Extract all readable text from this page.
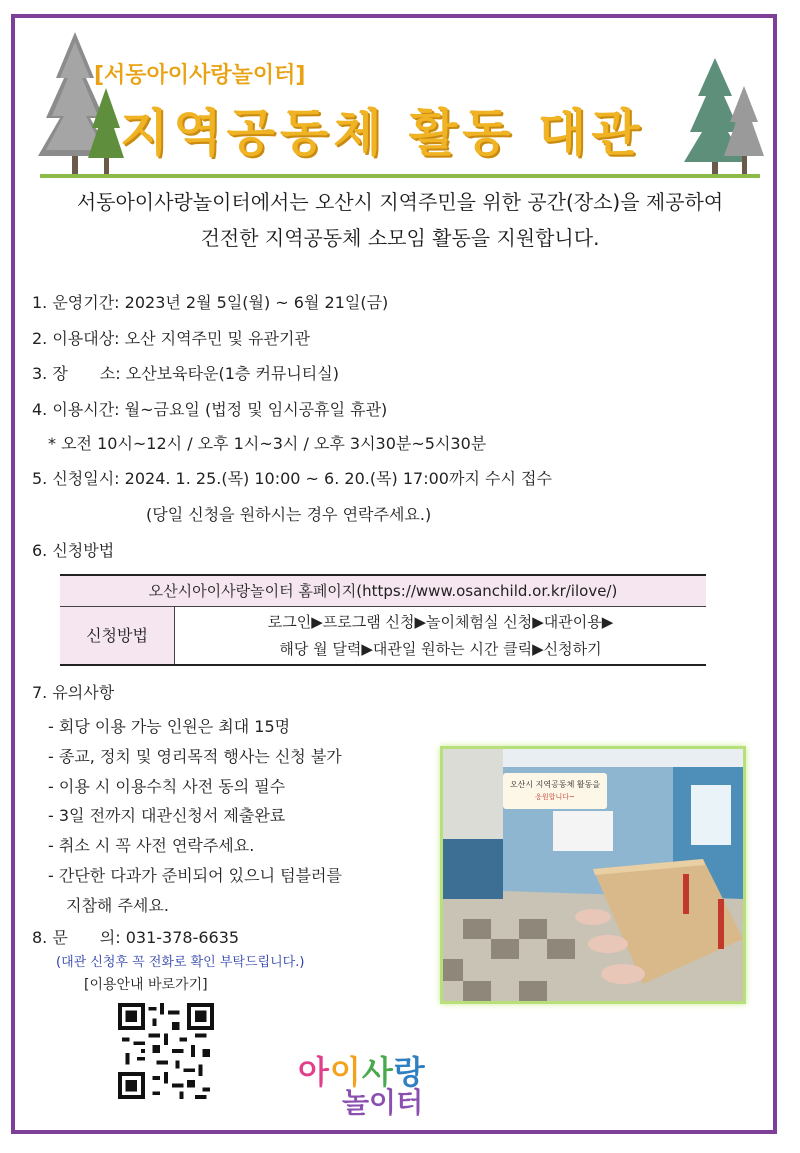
[서동아이사랑놀이터]
지역공동체 활동 대관
서동아이사랑놀이터에서는 오산시 지역주민을 위한 공간(장소)을 제공하여
건전한 지역공동체 소모임 활동을 지원합니다.
1. 운영기간: 2023년 2월 5일(월) ~ 6월 21일(금)
2. 이용대상: 오산 지역주민 및 유관기관
3. 장　　소: 오산보육타운(1층 커뮤니티실)
4. 이용시간: 월~금요일 (법정 및 임시공휴일 휴관)
* 오전 10시~12시 / 오후 1시~3시 / 오후 3시30분~5시30분
5. 신청일시: 2024. 1. 25.(목) 10:00 ~ 6. 20.(목) 17:00까지 수시 접수
(당일 신청을 원하시는 경우 연락주세요.)
6. 신청방법
오산시아이사랑놀이터 홈페이지(https://www.osanchild.or.kr/ilove/)
신청방법
로그인▶프로그램 신청▶놀이체험실 신청▶대관이용▶
해당 월 달력▶대관일 원하는 시간 클릭▶신청하기
7. 유의사항
- 회당 이용 가능 인원은 최대 15명
- 종교, 정치 및 영리목적 행사는 신청 불가
- 이용 시 이용수칙 사전 동의 필수
- 3일 전까지 대관신청서 제출완료
- 취소 시 꼭 사전 연락주세요.
- 간단한 다과가 준비되어 있으니 텀블러를
지참해 주세요.
8. 문　　의: 031-378-6635
(대관 신청후 꼭 전화로 확인 부탁드립니다.)
[이용안내 바로가기]
오산시 지역공동체 활동을
응원합니다~
아이사랑
놀이터
